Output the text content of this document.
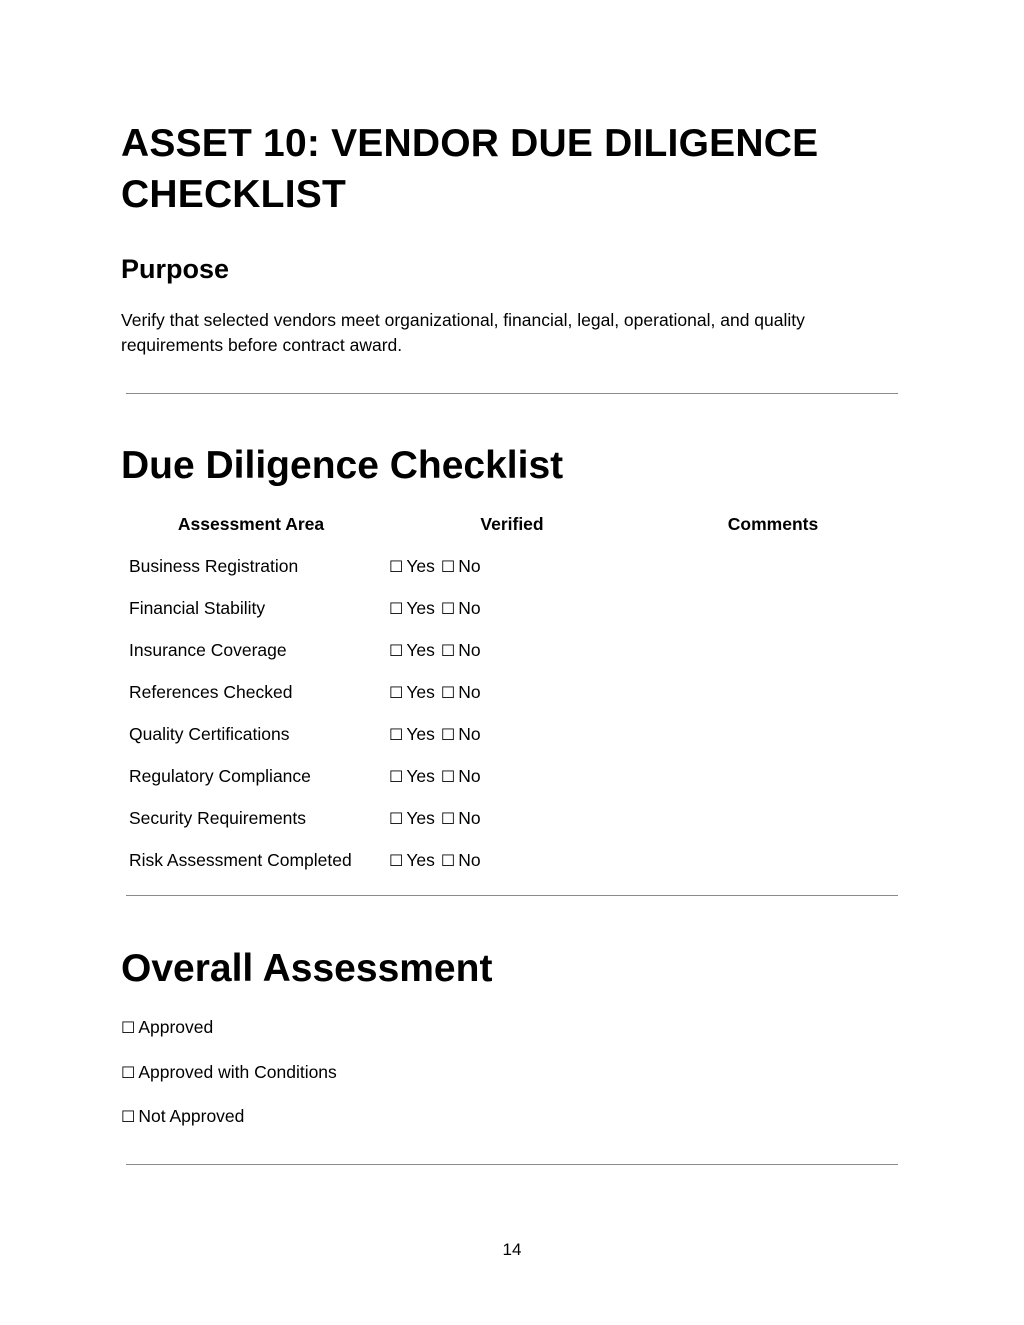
ASSET 10: VENDOR DUE DILIGENCE CHECKLIST
Purpose

Verify that selected vendors meet organizational, financial, legal, operational, and quality requirements before contract award.

Due Diligence Checklist
Assessment Area	Verified	Comments
Business Registration	☐ Yes ☐ No	
Financial Stability	☐ Yes ☐ No	
Insurance Coverage	☐ Yes ☐ No	
References Checked	☐ Yes ☐ No	
Quality Certifications	☐ Yes ☐ No	
Regulatory Compliance	☐ Yes ☐ No	
Security Requirements	☐ Yes ☐ No	
Risk Assessment Completed	☐ Yes ☐ No	
Overall Assessment
☐ Approved
☐ Approved with Conditions
☐ Not Approved
14
